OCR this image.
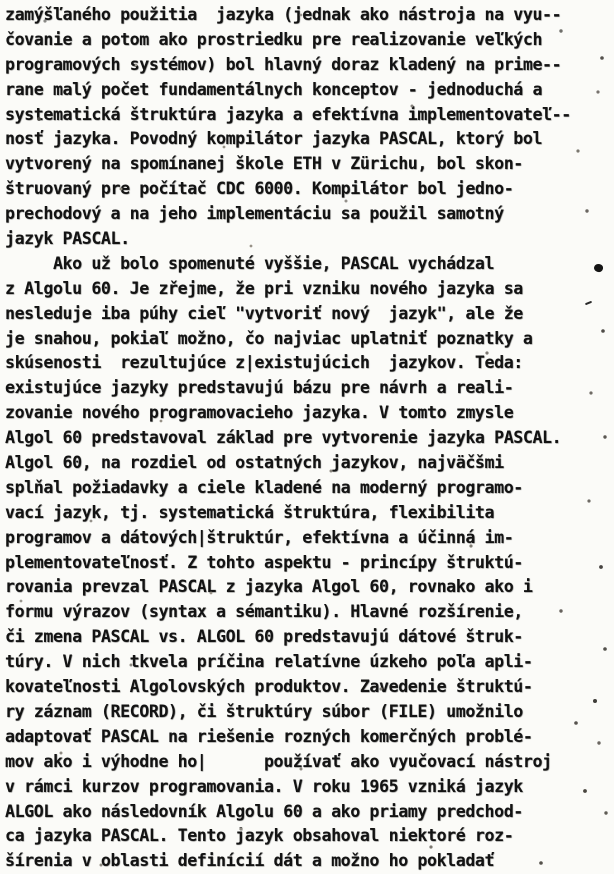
zamýšľaného použitia  jazyka (jednak ako nástroja na vyu--
čovanie a potom ako prostriedku pre realizovanie veľkých
programových systémov) bol hlavný doraz kladený na prime--
rane malý počet fundamentálnych konceptov - jednoduchá a
systematická štruktúra jazyka a efektívna implementovateľ--
nosť jazyka. Povodný kompilátor jazyka PASCAL, ktorý bol
vytvorený na spomínanej škole ETH v Zürichu, bol skon-
štruovaný pre počítač CDC 6000. Kompilátor bol jedno-
prechodový a na jeho implementáciu sa použil samotný
jazyk PASCAL.
Ako už bolo spomenuté vyššie, PASCAL vychádzal
z Algolu 60. Je zřejme, že pri vzniku nového jazyka sa
nesleduje iba púhy cieľ "vytvoriť nový  jazyk", ale že
je snahou, pokiaľ možno, čo najviac uplatniť poznatky a
skúsenosti  rezultujúce z|existujúcich  jazykov. Teda:
existujúce jazyky predstavujú bázu pre návrh a reali-
zovanie nového programovacieho jazyka. V tomto zmysle
Algol 60 predstavoval základ pre vytvorenie jazyka PASCAL.
Algol 60, na rozdiel od ostatných jazykov, najväčšmi
splňal požiadavky a ciele kladené na moderný programo-
vací jazyk, tj. systematická štruktúra, flexibilita
programov a dátových|štruktúr, efektívna a účinná im-
plementovateľnosť. Z tohto aspektu - princípy štruktú-
rovania prevzal PASCAL z jazyka Algol 60, rovnako ako i
formu výrazov (syntax a sémantiku). Hlavné rozšírenie,
či zmena PASCAL vs. ALGOL 60 predstavujú dátové štruk-
túry. V nich tkvela príčina relatívne úzkeho poľa apli-
kovateľnosti Algolovských produktov. Zavedenie štruktú-
ry záznam (RECORD), či štruktúry súbor (FILE) umožnilo
adaptovať PASCAL na riešenie rozných komerčných problé-
mov ako i výhodne ho|      používať ako vyučovací nástroj
v rámci kurzov programovania. V roku 1965 vzniká jazyk
ALGOL ako následovník Algolu 60 a ako priamy predchod-
ca jazyka PASCAL. Tento jazyk obsahoval niektoré roz-
šírenia v oblasti definícií dát a možno ho pokladať
